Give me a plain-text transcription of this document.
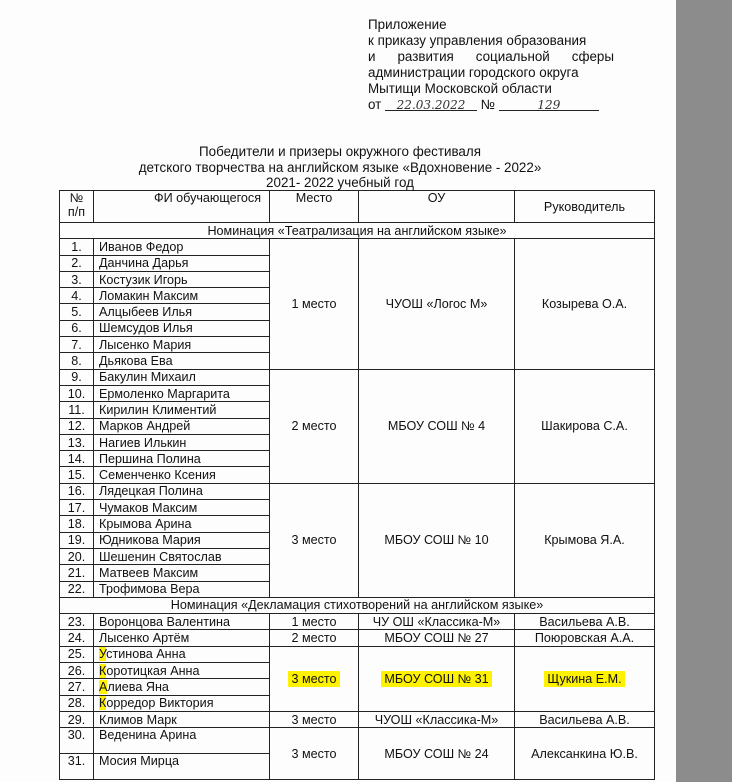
Приложение
к приказу управления образования
и развития социальной сферы
администрации городского округа
Мытищи Московской области
от 22.03.2022 №	129
Победители и призеры окружного фестиваля
детского творчества на английском языке «Вдохновение - 2022»
2021- 2022 учебный год
№
п/п	ФИ обучающегося	Место	ОУ	Руководитель
Номинация «Театрализация на английском языке»				
1.	Иванов Федор	1 место	ЧУОШ «Логос М»	Козырева О.А.
2.	Данчина Дарья			
3.	Костузик Игорь			
4.	Ломакин Максим			
5.	Алцыбеев Илья			
6.	Шемсудов Илья			
7.	Лысенко Мария			
8.	Дьякова Ева			
9.	Бакулин Михаил	2 место	МБОУ СОШ № 4	Шакирова С.А.
10.	Ермоленко Маргарита			
11.	Кирилин Климентий			
12.	Марков Андрей			
13.	Нагиев Илькин			
14.	Першина Полина			
15.	Семенченко Ксения			
16.	Лядецкая Полина	3 место	МБОУ СОШ № 10	Крымова Я.А.
17.	Чумаков Максим			
18.	Крымова Арина			
19.	Юдникова Мария			
20.	Шешенин Святослав			
21.	Матвеев Максим			
22.	Трофимова Вера			
Номинация «Декламация стихотворений на английском языке»				
23.	Воронцова Валентина	1 место	ЧУ ОШ «Классика-М»	Васильева А.В.
24.	Лысенко Артём	2 место	МБОУ СОШ № 27	Поюровская А.А.
25.	Устинова Анна	3 место	МБОУ СОШ № 31	Щукина Е.М.
26.	Коротицкая Анна			
27.	Алиева Яна			
28.	Корредор Виктория			
29.	Климов Марк	3 место	ЧУОШ «Классика-М»	Васильева А.В.
30.	Веденина Арина	3 место	МБОУ СОШ № 24	Алексанкина Ю.В.
31.	Мосия Мирца			
